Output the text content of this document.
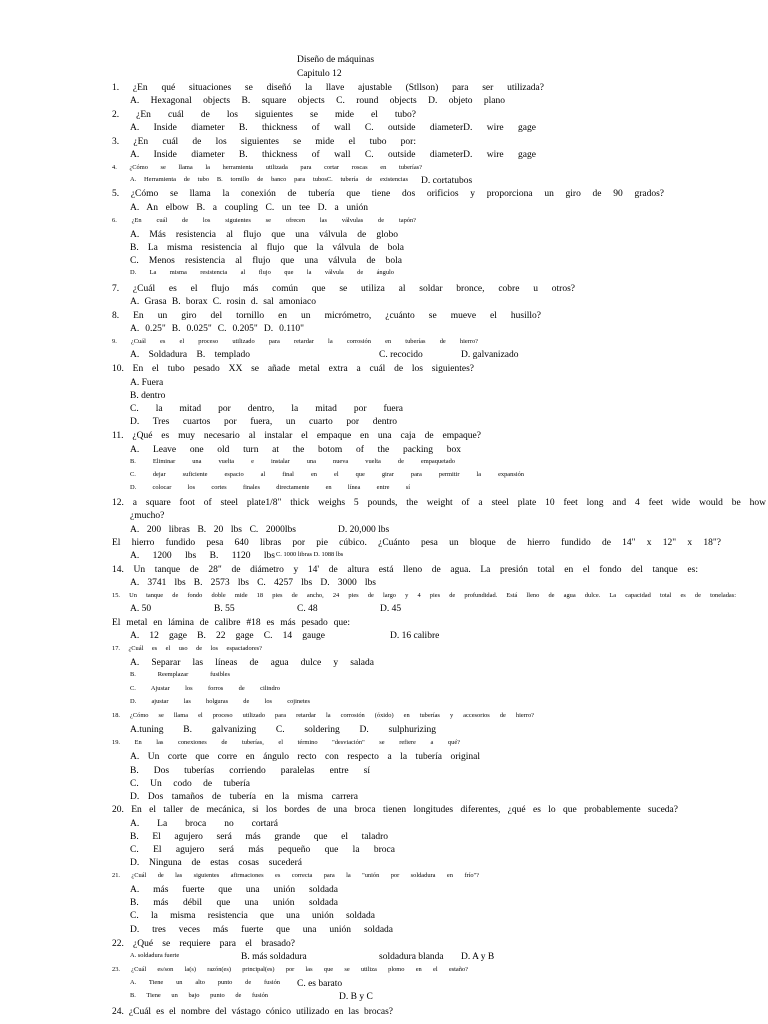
Diseño de máquinas
Capitulo 12
1. ¿En qué situaciones se diseñó la llave ajustable (Stllson) para ser utilizada?
A. Hexagonal objects B. square objects C. round objects D. objeto plano
2. ¿En cuál de los siguientes se mide el tubo?
A. Inside diameter B. thickness of wall C. outside diameterD. wire gage
3. ¿En cuál de los siguientes se mide el tubo por:
A. Inside diameter B. thickness of wall C. outside diameterD. wire gage
4. ¿Cómo se llama la herramienta utilizada para cortar roscas en tuberías?
A. Herramienta de tubo B. tornillo de banco para tubosC. tubería de existencias D. cortatubos
5. ¿Cómo se llama la conexión de tubería que tiene dos orificios y proporciona un giro de 90 grados?
A. An elbow B. a coupling C. un tee D. a unión
6. ¿En cuál de los siguientes se ofrecen las válvulas de tapón?
A. Más resistencia al flujo que una válvula de globo
B. La misma resistencia al flujo que la válvula de bola
C. Menos resistencia al flujo que una válvula de bola
D. La misma resistencia al flujo que la válvula de ángulo
7. ¿Cuál es el flujo más común que se utiliza al soldar bronce, cobre u otros?
A. Grasa B. borax C. rosin d. sal amoniaco
8. En un giro del tornillo en un micrómetro, ¿cuánto se mueve el husillo?
A. 0.25" B. 0.025" C. 0.205" D. 0.110"
9. ¿Cuál es el proceso utilizado para retardar la corrosión en tuberías de hierro?
A. Soldadura B. templado	C. recocido	D. galvanizado
10. En el tubo pesado XX se añade metal extra a cuál de los siguientes?
A. Fuera
B. dentro
C. la mitad por dentro, la mitad por fuera
D. Tres cuartos por fuera, un cuarto por dentro
11. ¿Qué es muy necesario al instalar el empaque en una caja de empaque?
A. Leave one old turn at the botom of the packing box
B. Eliminar una vuelta e instalar una nueva vuelta de empaquetado
C. dejar suficiente espacio al final en el que girar para permitir la expansión
D. colocar los cortes finales directamente en línea entre sí
12. a square foot of steel plate1/8" thick weighs 5 pounds, the weight of a steel plate 10 feet long and 4 feet wide would be how
¿mucho?
A. 200 libras B. 20 lbs C. 2000lbs	D. 20,000 lbs
El hierro fundido pesa 640 libras por pie cúbico. ¿Cuánto pesa un bloque de hierro fundido de 14" x 12" x 18"?
A. 1200 lbs B. 1120 lbs C. 1000 libras D. 1088 lbs
14. Un tanque de 28" de diámetro y 14' de altura está lleno de agua. La presión total en el fondo del tanque es:
A. 3741 lbs B. 2573 lbs C. 4257 lbs D. 3000 lbs
15. Un tanque de fondo doble mide 18 pies de ancho, 24 pies de largo y 4 pies de profundidad. Está lleno de agua dulce. La capacidad total es de toneladas:
A. 50	B. 55	C. 48	D. 45
El metal en lámina de calibre #18 es más pesado que:
A. 12 gage B. 22 gage C. 14 gauge	D. 16 calibre
17. ¿Cuál es el uso de los espaciadores?
A. Separar las líneas de agua dulce y salada
B. Reemplazar fusibles
C. Ajustar los forros de cilindro
D. ajustar las holguras de los cojinetes
18. ¿Cómo se llama el proceso utilizado para retardar la corrosión (óxido) en tuberías y accesorios de hierro?
A.tuning B. galvanizing C. soldering D. sulphurizing
19. En las conexiones de tuberías, el término "desviación" se refiere a qué?
A. Un corte que corre en ángulo recto con respecto a la tubería original
B. Dos tuberías corriendo paralelas entre sí
C. Un codo de tubería
D. Dos tamaños de tubería en la misma carrera
20. En el taller de mecánica, si los bordes de una broca tienen longitudes diferentes, ¿qué es lo que probablemente suceda?
A. La broca no cortará
B. El agujero será más grande que el taladro
C. El agujero será más pequeño que la broca
D. Ninguna de estas cosas sucederá
21. ¿Cuál de las siguientes afirmaciones es correcta para la "unión por soldadura en frío"?
A. más fuerte que una unión soldada
B. más débil que una unión soldada
C. la misma resistencia que una unión soldada
D. tres veces más fuerte que una unión soldada
22. ¿Qué se requiere para el brasado?
A. soldadura fuerte	B. más soldadura	soldadura blanda D. A y B
23. ¿Cuál es/son la(s) razón(es) principal(es) por las que se utiliza plomo en el estaño?
A. Tiene un alto punto de fusión C. es barato
B. Tiene un bajo punto de fusión	D. B y C
24. ¿Cuál es el nombre del vástago cónico utilizado en las brocas?
